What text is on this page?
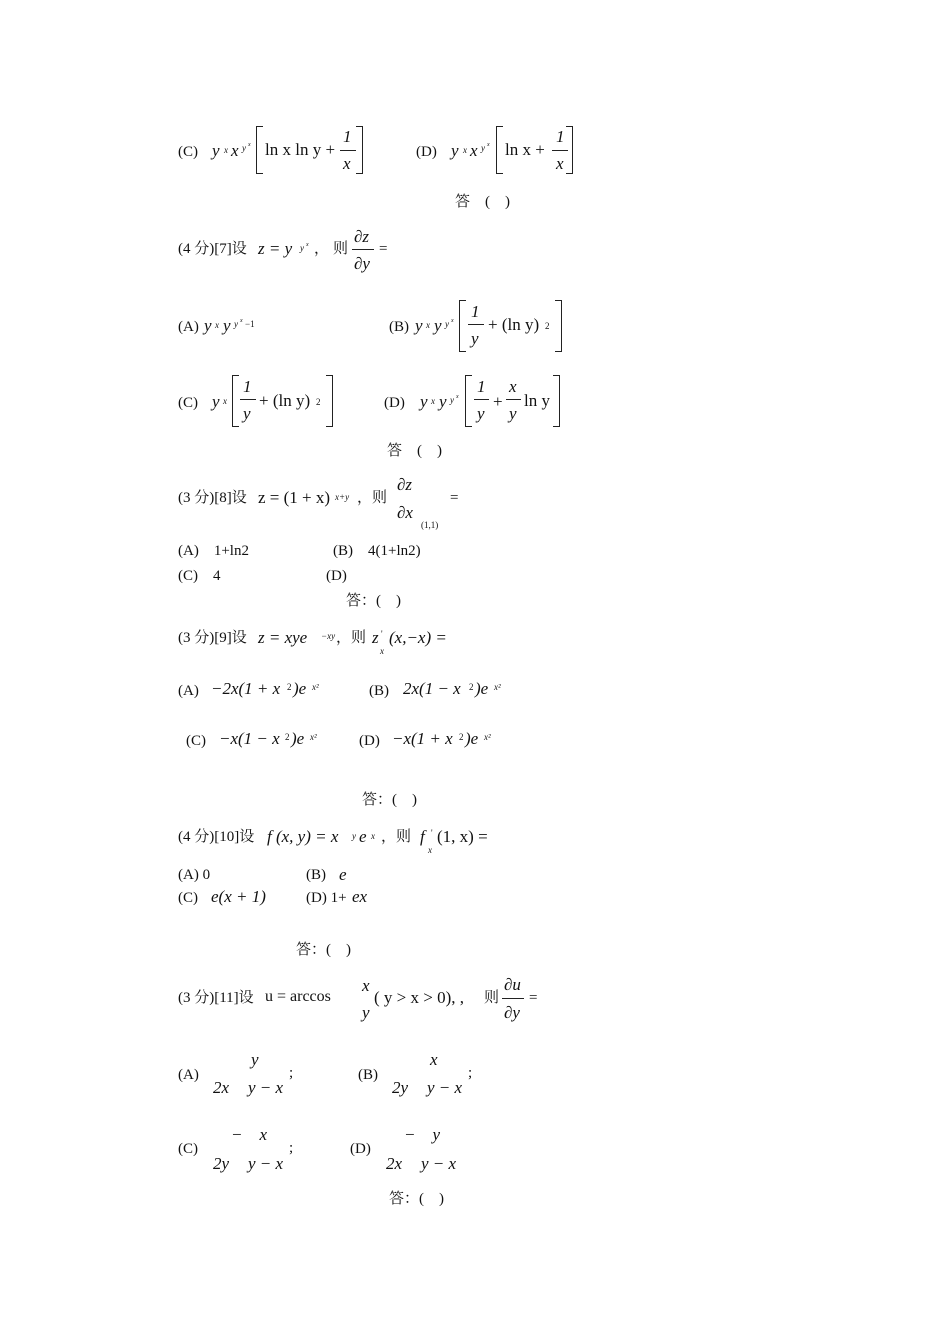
(C) y x x y x ln x ln y +
1
x
(D) y x x y x ln x +
1
x
答　(　)
(4 分)[7]设 z = y y x ， 则
∂z
∂y
=
(A) y x y y x −1	(B) y x y y x 1
y
+ (ln y) 2
(C) y x
1
y
+ (ln y) 2	(D) y x y y x
1
y
+
x
y
ln y
答　(　)
(3 分)[8]设 z = (1 + x) x+y ，则
∂z
∂x
(1,1)
=
(A)　1+ln2	(B)　4(1+ln2)
(C)　4	(D)
答：(　)
(3 分)[9]设 z = xye −xy ，则 z '
x
(x,−x) =
(A) −2x(1 + x 2 )e x²	(B) 2x(1 − x 2 )e x²
(C) −x(1 − x 2 )e x²	(D) −x(1 + x 2 )e x²
答：(　)
(4 分)[10]设 f (x, y) = x y e x ，则 f '
x
(1, x) =
(A) 0	(B) e
(C) e(x + 1)	(D) 1+ ex
答：(　)
(3 分)[11]设 u = arccos
x
y
( y > x > 0), , 则
∂u
∂y
=
(A)
y
2x y − x
;	(B)
x
2y y − x
;
(C)
−　x
2y y − x
;	(D)
−　y
2x y − x
答：(　)
